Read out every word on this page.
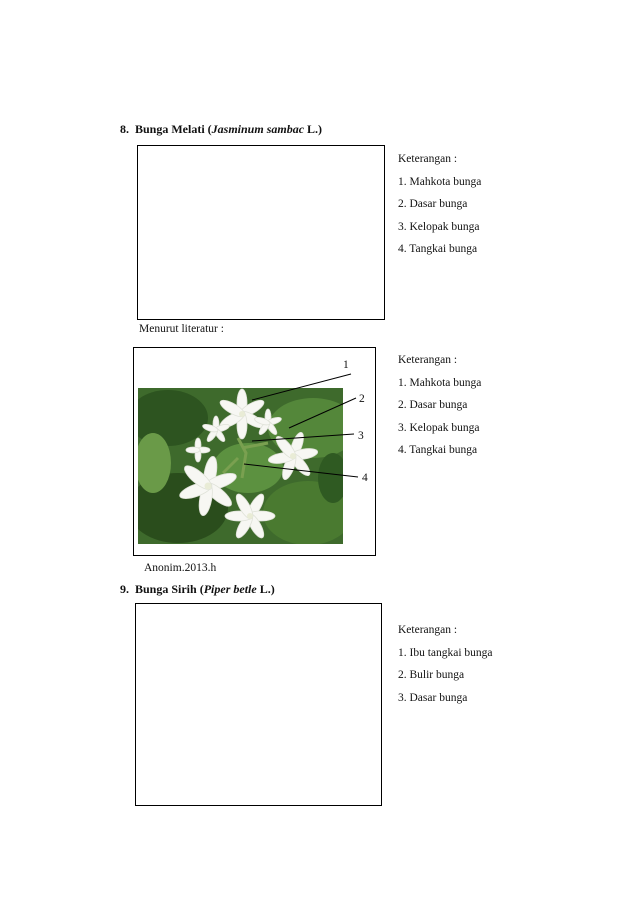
8. Bunga Melati (Jasminum sambac L.)
Keterangan :
1. Mahkota bunga
2. Dasar bunga
3. Kelopak bunga
4. Tangkai bunga
Menurut literatur :
1
2
3
4
Keterangan :
1. Mahkota bunga
2. Dasar bunga
3. Kelopak bunga
4. Tangkai bunga
Anonim.2013.h
9. Bunga Sirih (Piper betle L.)
Keterangan :
1. Ibu tangkai bunga
2. Bulir bunga
3. Dasar bunga
